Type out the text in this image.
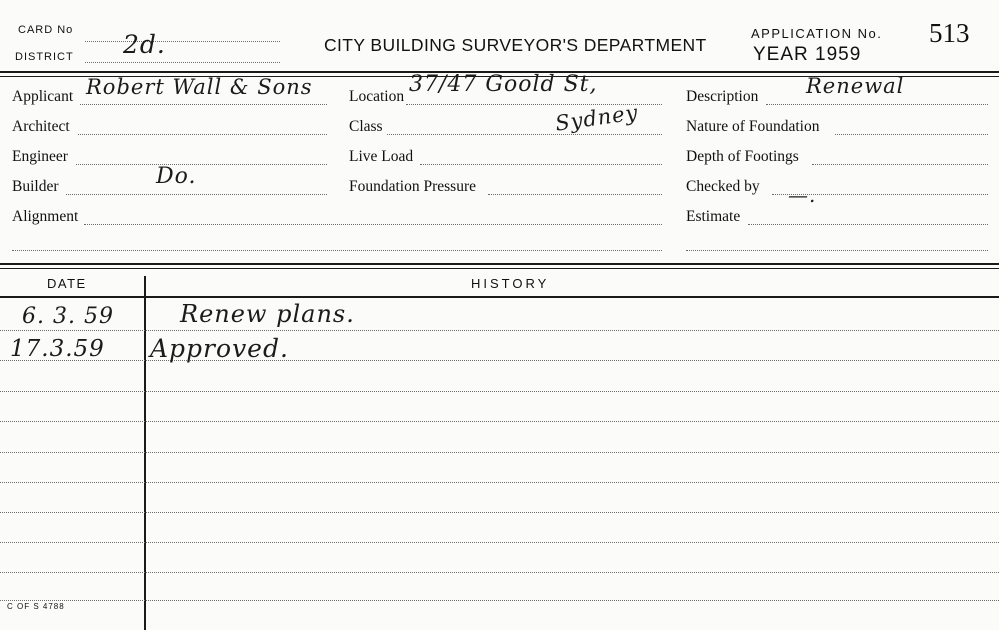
CARD No
DISTRICT 2d.	CITY BUILDING SURVEYOR'S DEPARTMENT
APPLICATION No. 513
YEAR 1959
Applicant Robert Wall & Sons
Architect
Engineer
Builder	Do.
Alignment
Location 37/47 Goold St,
Sydney
Class
Live Load
Foundation Pressure
Description Renewal
Nature of Foundation
Depth of Footings
Checked by —.
Estimate
DATE	HISTORY
6. 3. 59	Renew plans.
17.3.59 Approved.
C OF S 4788
